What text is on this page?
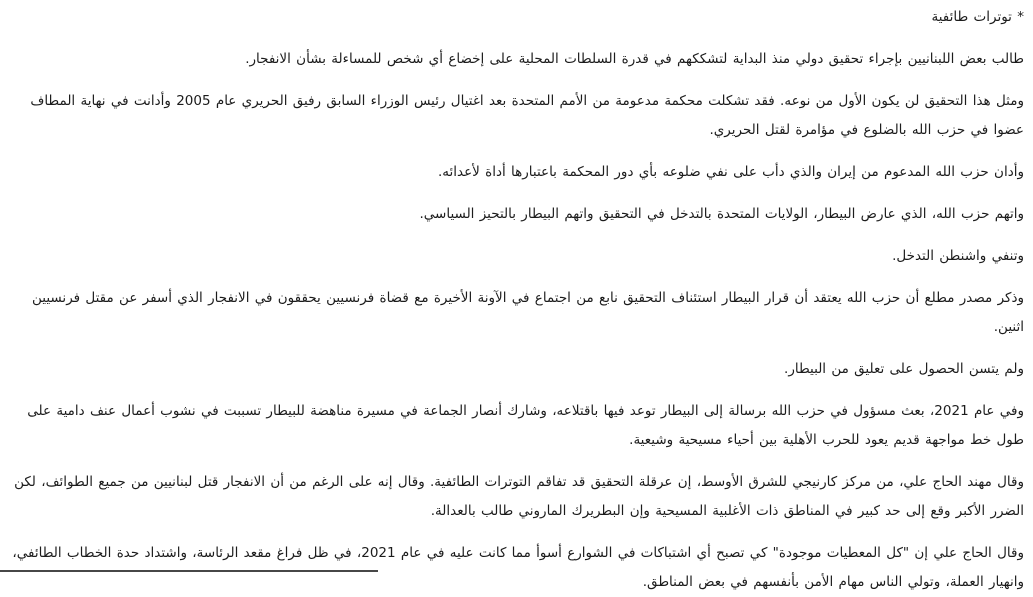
* توترات طائفية

طالب بعض اللبنانيين بإجراء تحقيق دولي منذ البداية لتشككهم في قدرة السلطات المحلية على إخضاع أي شخص للمساءلة بشأن الانفجار.

ومثل هذا التحقيق لن يكون الأول من نوعه. فقد تشكلت محكمة مدعومة من الأمم المتحدة بعد اغتيال رئيس الوزراء السابق رفيق الحريري عام 2005 وأدانت في نهاية المطاف عضوا في حزب الله بالضلوع في مؤامرة لقتل الحريري.

وأدان حزب الله المدعوم من إيران والذي دأب على نفي ضلوعه بأي دور المحكمة باعتبارها أداة لأعدائه.

واتهم حزب الله، الذي عارض البيطار، الولايات المتحدة بالتدخل في التحقيق واتهم البيطار بالتحيز السياسي.

وتنفي واشنطن التدخل.

وذكر مصدر مطلع أن حزب الله يعتقد أن قرار البيطار استئناف التحقيق نابع من اجتماع في الآونة الأخيرة مع قضاة فرنسيين يحققون في الانفجار الذي أسفر عن مقتل فرنسيين اثنين.

ولم يتسن الحصول على تعليق من البيطار.

وفي عام 2021، بعث مسؤول في حزب الله برسالة إلى البيطار توعد فيها باقتلاعه، وشارك أنصار الجماعة في مسيرة مناهضة للبيطار تسببت في نشوب أعمال عنف دامية على طول خط مواجهة قديم يعود للحرب الأهلية بين أحياء مسيحية وشيعية.

وقال مهند الحاج علي، من مركز كارنيجي للشرق الأوسط، إن عرقلة التحقيق قد تفاقم التوترات الطائفية. وقال إنه على الرغم من أن الانفجار قتل لبنانيين من جميع الطوائف، لكن الضرر الأكبر وقع إلى حد كبير في المناطق ذات الأغلبية المسيحية وإن البطريرك الماروني طالب بالعدالة.

وقال الحاج علي إن "كل المعطيات موجودة" كي تصبح أي اشتباكات في الشوارع أسوأ مما كانت عليه في عام 2021، في ظل فراغ مقعد الرئاسة، واشتداد حدة الخطاب الطائفي، وانهيار العملة، وتولي الناس مهام الأمن بأنفسهم في بعض المناطق.
